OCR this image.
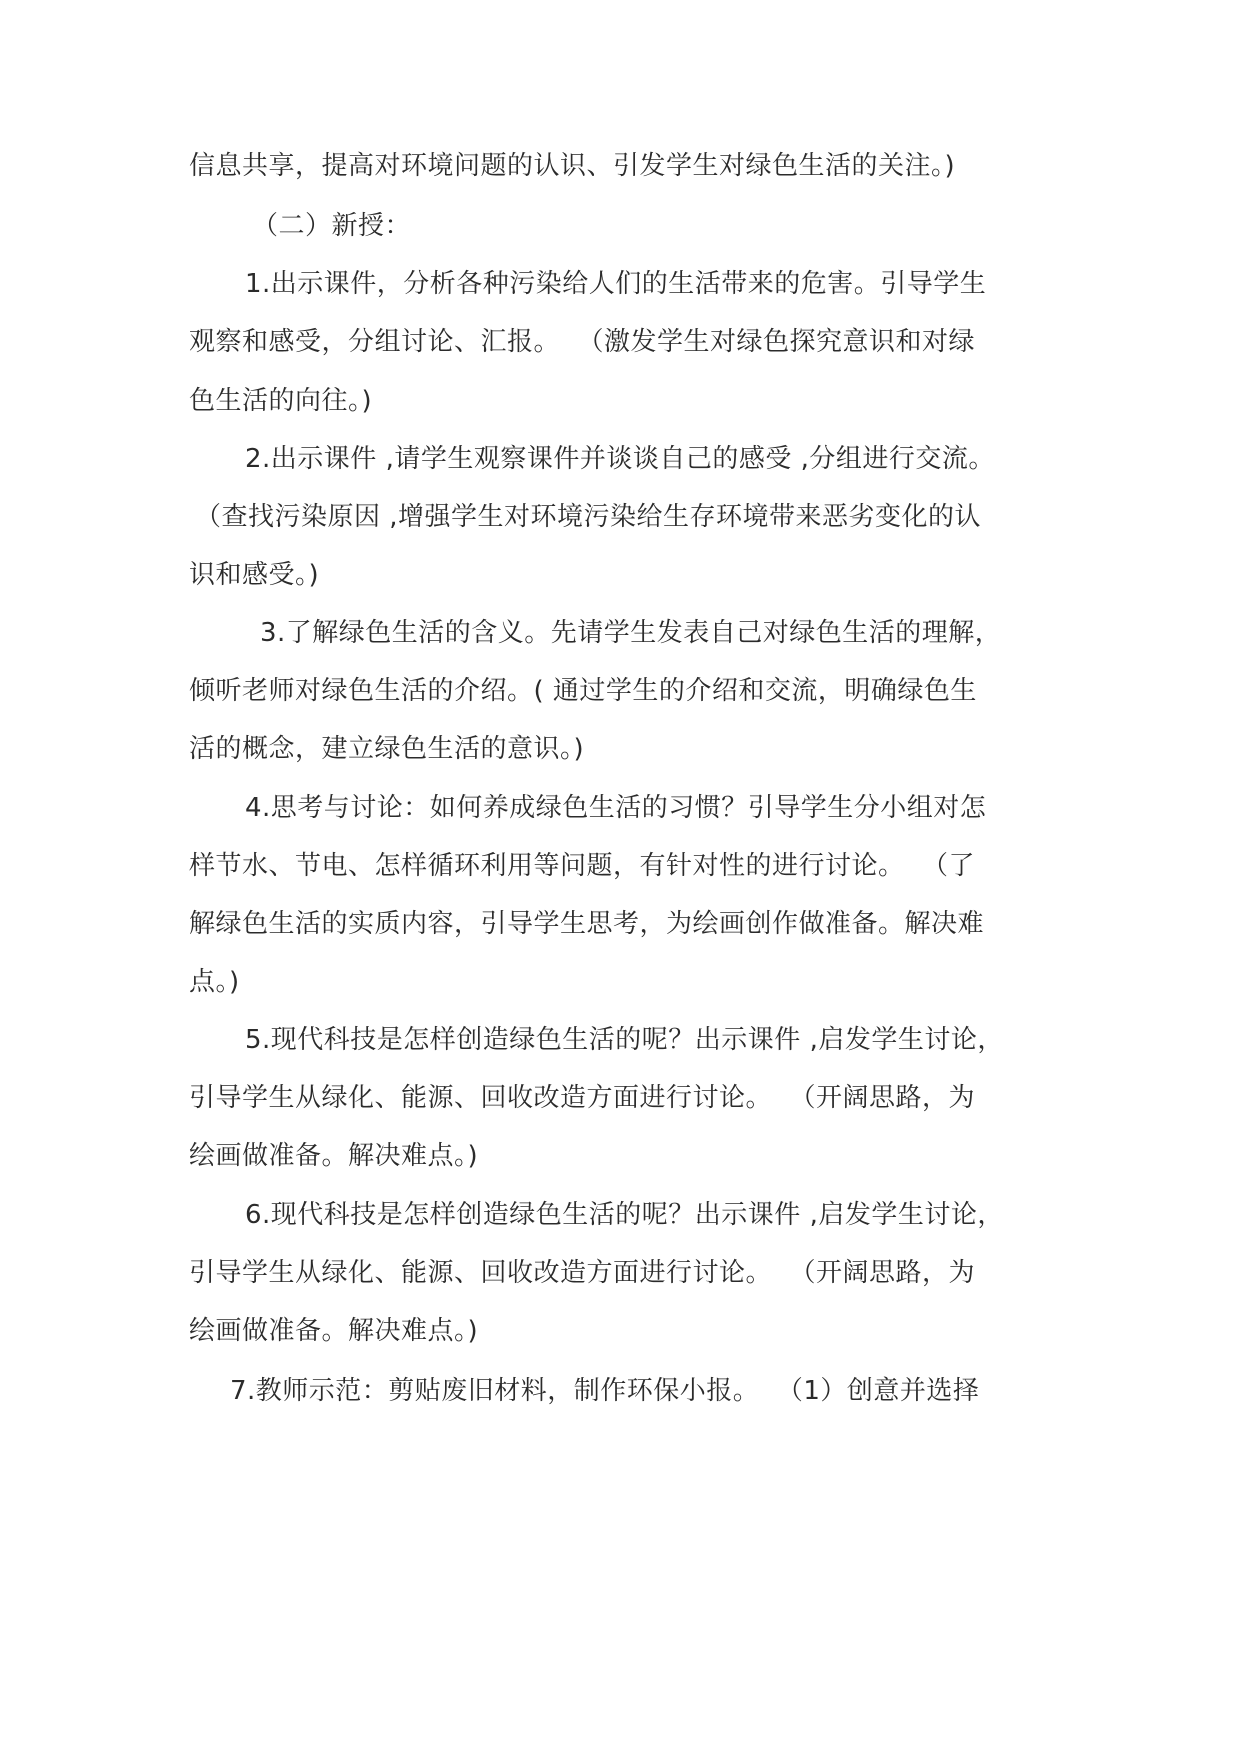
信息共享，提高对环境问题的认识、引发学生对绿色生活的关注。)
（二）新授：
1.出示课件，分析各种污染给人们的生活带来的危害。引导学生
观察和感受，分组讨论、汇报。  （激发学生对绿色探究意识和对绿
色生活的向往。)
2.出示课件 ,请学生观察课件并谈谈自己的感受 ,分组进行交流。
（查找污染原因 ,增强学生对环境污染给生存环境带来恶劣变化的认
识和感受。)
3.了解绿色生活的含义。先请学生发表自己对绿色生活的理解，
倾听老师对绿色生活的介绍。( 通过学生的介绍和交流，明确绿色生
活的概念，建立绿色生活的意识。)
4.思考与讨论：如何养成绿色生活的习惯？引导学生分小组对怎
样节水、节电、怎样循环利用等问题，有针对性的进行讨论。  （了
解绿色生活的实质内容，引导学生思考，为绘画创作做准备。解决难
点。)
5.现代科技是怎样创造绿色生活的呢？出示课件 ,启发学生讨论，
引导学生从绿化、能源、回收改造方面进行讨论。  （开阔思路，为
绘画做准备。解决难点。)
6.现代科技是怎样创造绿色生活的呢？出示课件 ,启发学生讨论，
引导学生从绿化、能源、回收改造方面进行讨论。  （开阔思路，为
绘画做准备。解决难点。)
7.教师示范：剪贴废旧材料，制作环保小报。  （1）创意并选择
